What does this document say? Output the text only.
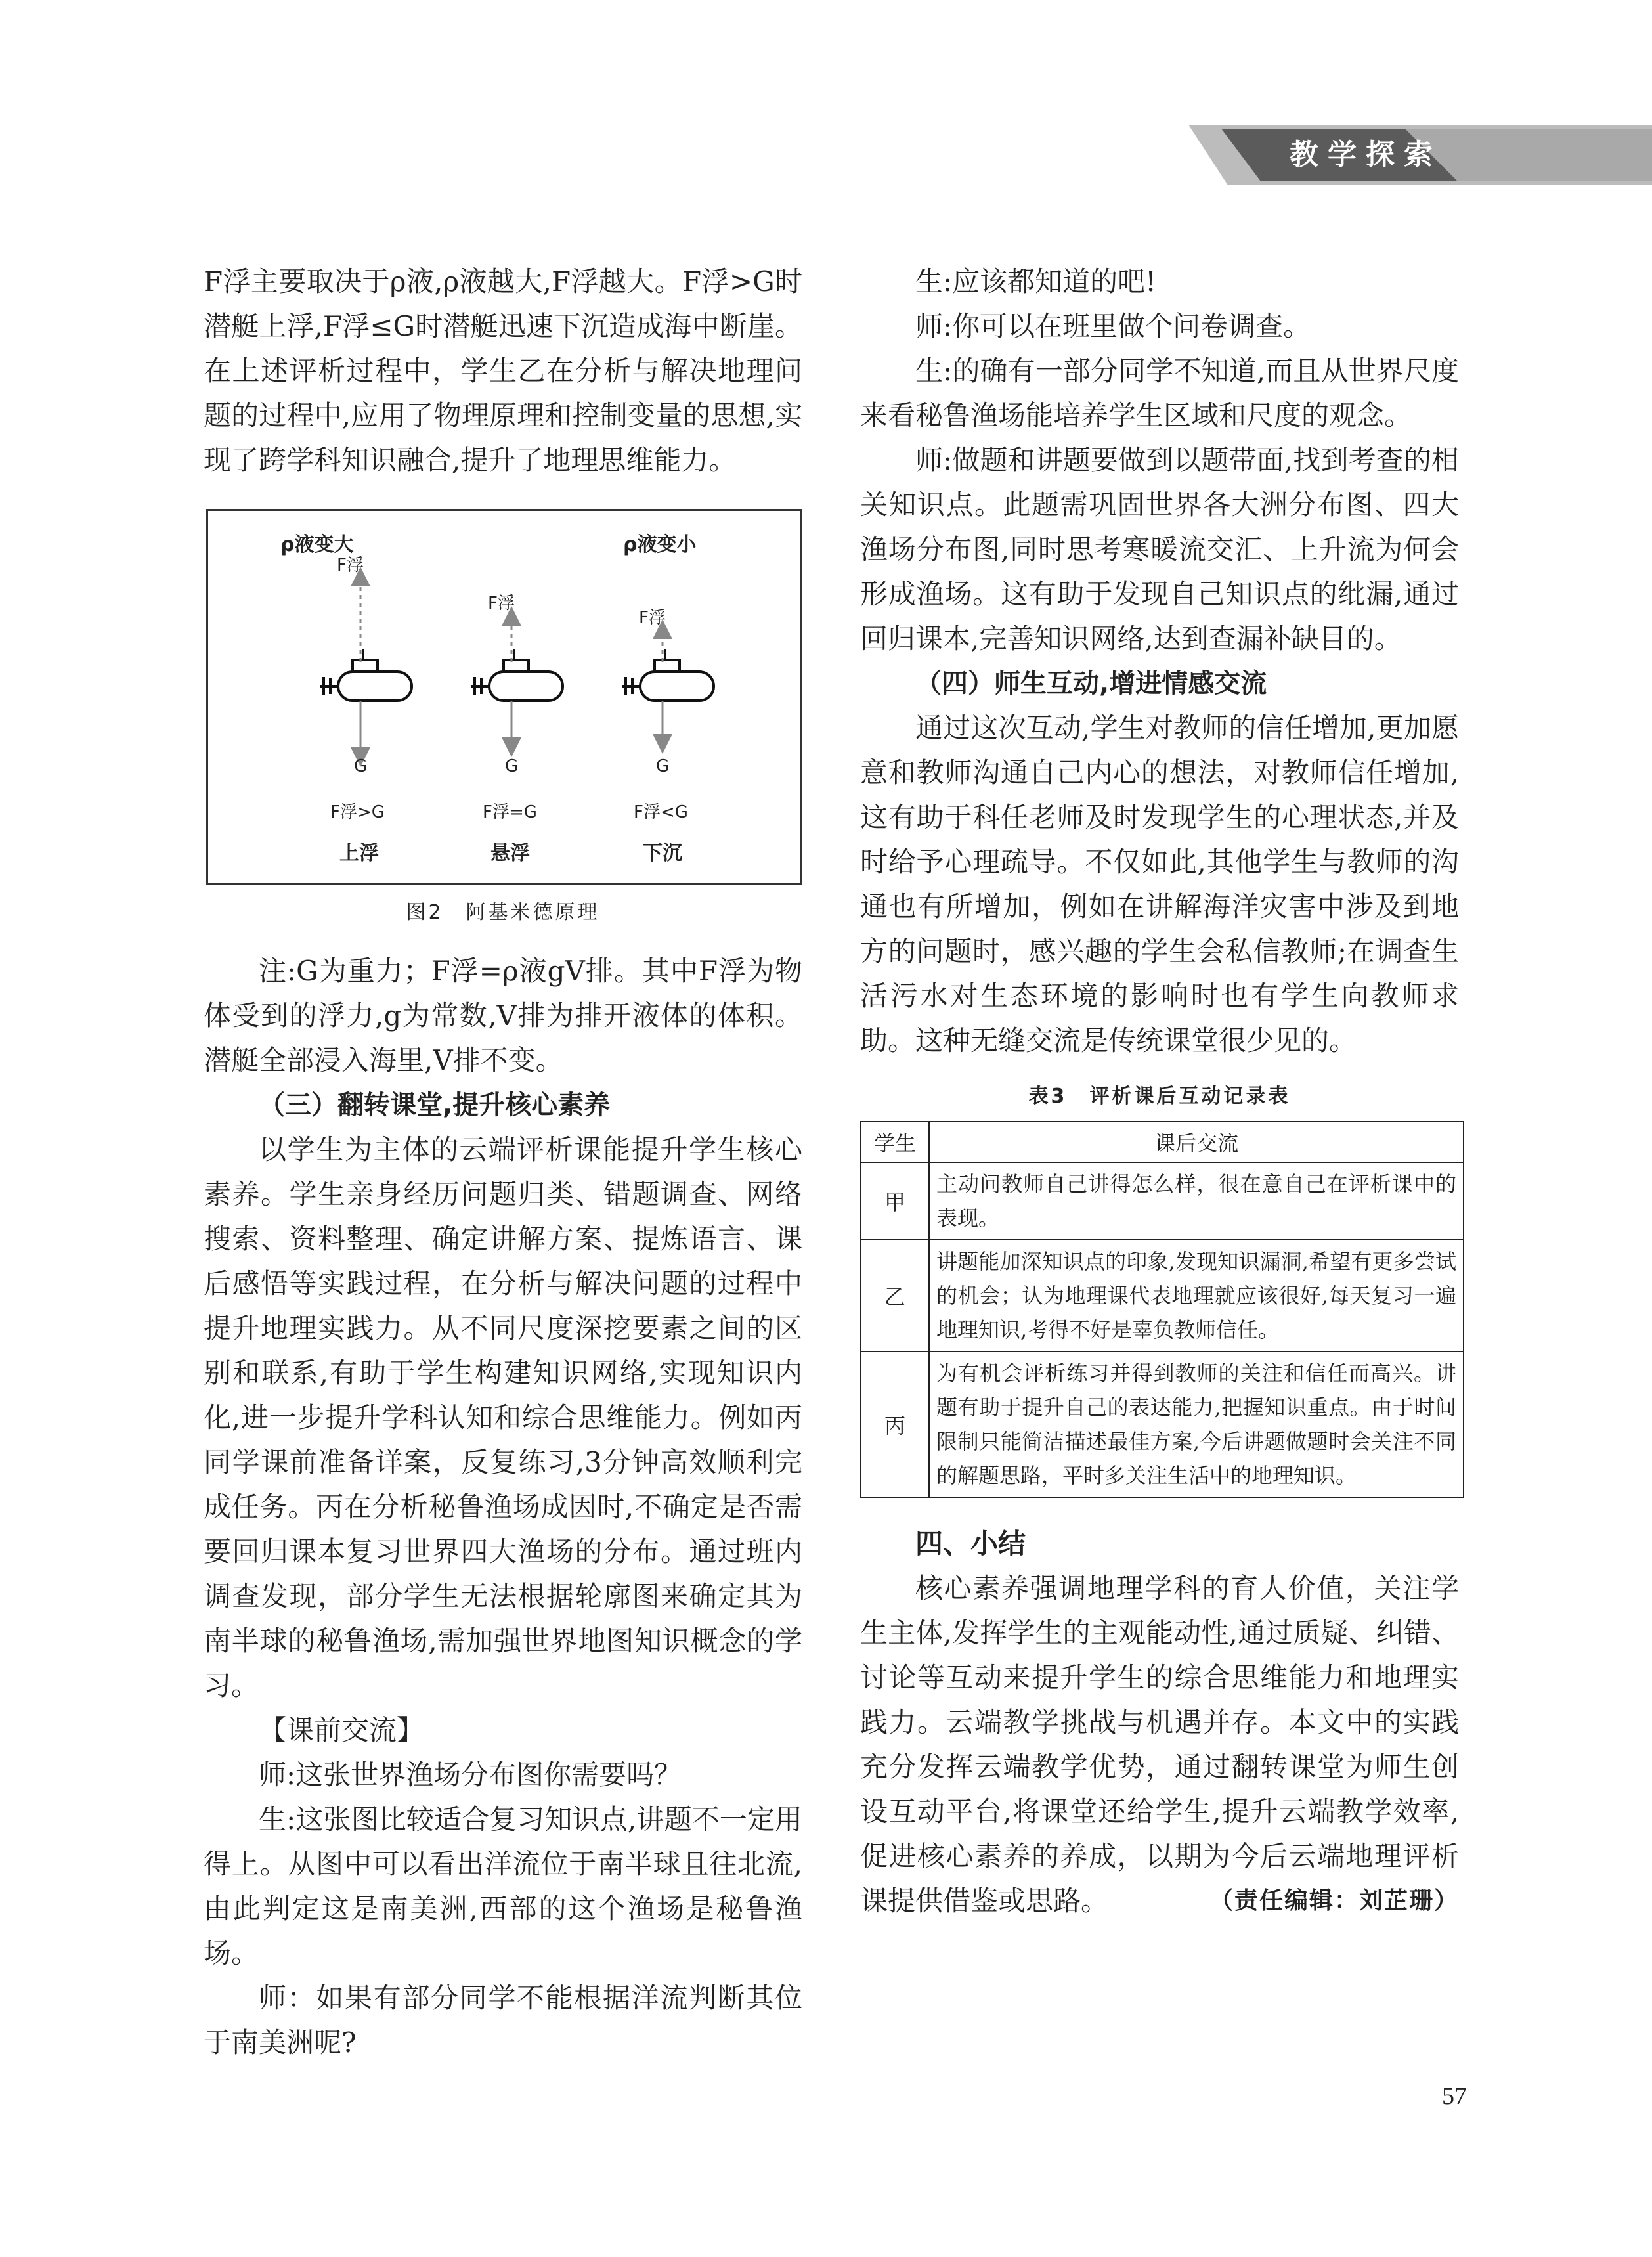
教学探索

F浮主要取决于ρ液,ρ液越大,F浮越大。F浮>G时潜艇上浮,F浮≤G时潜艇迅速下沉造成海中断崖。在上述评析过程中，学生乙在分析与解决地理问题的过程中,应用了物理原理和控制变量的思想,实现了跨学科知识融合,提升了地理思维能力。

ρ液变大	ρ液变小
F浮
F浮
F浮
G	G	G
F浮>G	F浮=G	F浮<G
上浮	悬浮	下沉
图2　阿基米德原理

注:G为重力；F浮=ρ液gV排。其中F浮为物体受到的浮力,g为常数,V排为排开液体的体积。潜艇全部浸入海里,V排不变。

（三）翻转课堂,提升核心素养

以学生为主体的云端评析课能提升学生核心素养。学生亲身经历问题归类、错题调查、网络搜索、资料整理、确定讲解方案、提炼语言、课后感悟等实践过程，在分析与解决问题的过程中提升地理实践力。从不同尺度深挖要素之间的区别和联系,有助于学生构建知识网络,实现知识内化,进一步提升学科认知和综合思维能力。例如丙同学课前准备详案，反复练习,3分钟高效顺利完成任务。丙在分析秘鲁渔场成因时,不确定是否需要回归课本复习世界四大渔场的分布。通过班内调查发现，部分学生无法根据轮廓图来确定其为南半球的秘鲁渔场,需加强世界地图知识概念的学习。

【课前交流】

师:这张世界渔场分布图你需要吗？

生:这张图比较适合复习知识点,讲题不一定用得上。从图中可以看出洋流位于南半球且往北流,由此判定这是南美洲,西部的这个渔场是秘鲁渔场。

师：如果有部分同学不能根据洋流判断其位于南美洲呢?

生:应该都知道的吧!

师:你可以在班里做个问卷调查。

生:的确有一部分同学不知道,而且从世界尺度来看秘鲁渔场能培养学生区域和尺度的观念。

师:做题和讲题要做到以题带面,找到考查的相关知识点。此题需巩固世界各大洲分布图、四大渔场分布图,同时思考寒暖流交汇、上升流为何会形成渔场。这有助于发现自己知识点的纰漏,通过回归课本,完善知识网络,达到查漏补缺目的。

（四）师生互动,增进情感交流

通过这次互动,学生对教师的信任增加,更加愿意和教师沟通自己内心的想法，对教师信任增加,这有助于科任老师及时发现学生的心理状态,并及时给予心理疏导。不仅如此,其他学生与教师的沟通也有所增加，例如在讲解海洋灾害中涉及到地方的问题时，感兴趣的学生会私信教师;在调查生活污水对生态环境的影响时也有学生向教师求助。这种无缝交流是传统课堂很少见的。

表3　评析课后互动记录表
学生	课后交流
甲	主动问教师自己讲得怎么样，很在意自己在评析课中的表现。
乙	讲题能加深知识点的印象,发现知识漏洞,希望有更多尝试的机会；认为地理课代表地理就应该很好,每天复习一遍地理知识,考得不好是辜负教师信任。
丙	为有机会评析练习并得到教师的关注和信任而高兴。讲题有助于提升自己的表达能力,把握知识重点。由于时间限制只能简洁描述最佳方案,今后讲题做题时会关注不同的解题思路，平时多关注生活中的地理知识。

四、小结

核心素养强调地理学科的育人价值，关注学生主体,发挥学生的主观能动性,通过质疑、纠错、讨论等互动来提升学生的综合思维能力和地理实践力。云端教学挑战与机遇并存。本文中的实践充分发挥云端教学优势，通过翻转课堂为师生创设互动平台,将课堂还给学生,提升云端教学效率,促进核心素养的养成，以期为今后云端地理评析课提供借鉴或思路。	（责任编辑：刘芷珊）

57
